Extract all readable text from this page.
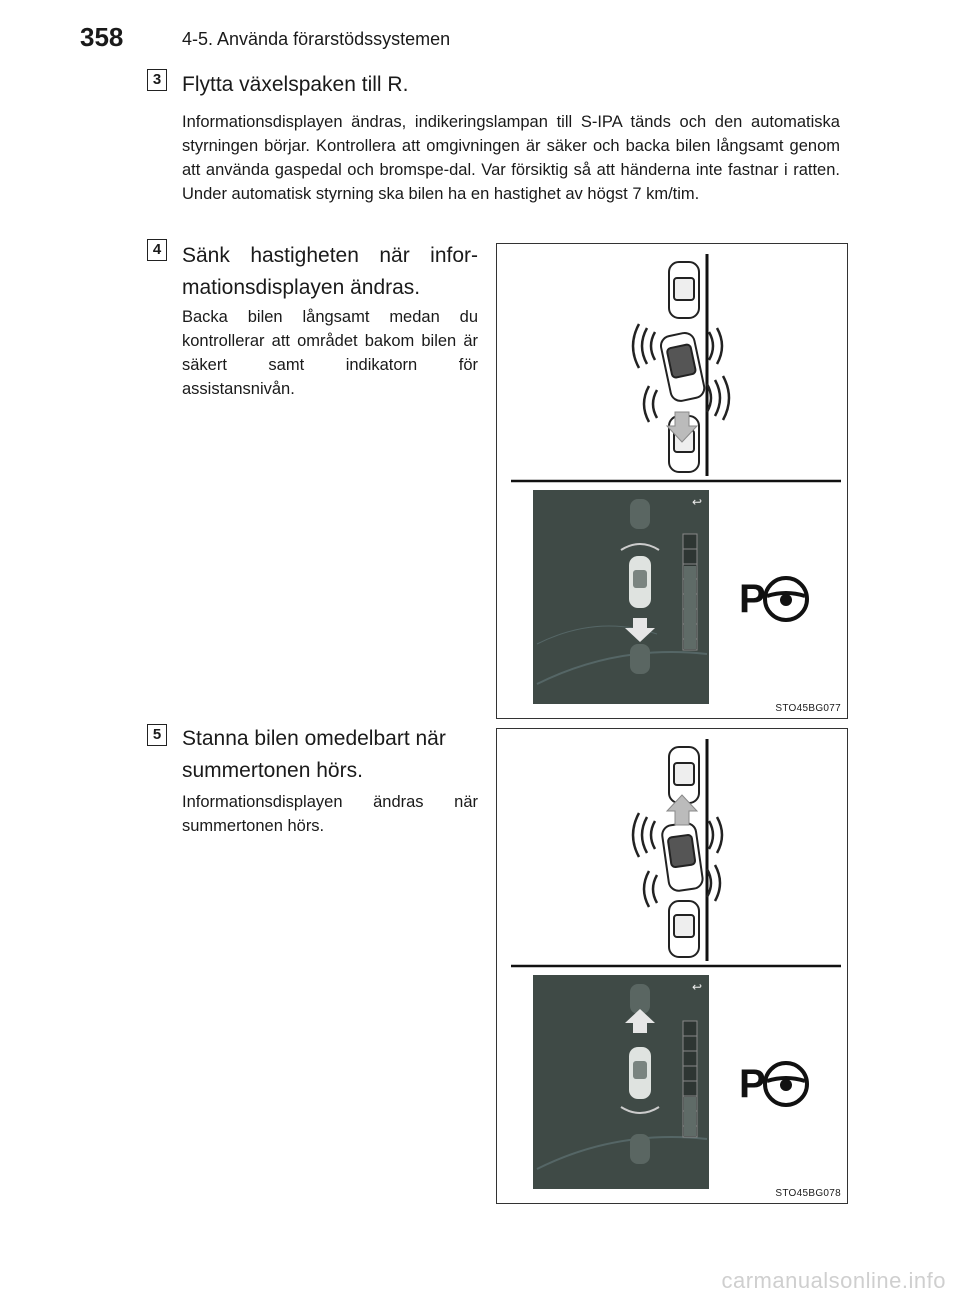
358	4-5. Använda förarstödssystemen
3 Flytta växelspaken till R.
Informationsdisplayen ändras, indikeringslampan till S-IPA tänds och den automatiska styrningen börjar. Kontrollera att omgivningen är säker och backa bilen långsamt genom att använda gaspedal och bromspe-dal. Var försiktig så att händerna inte fastnar i ratten. Under automatisk styrning ska bilen ha en hastighet av högst 7 km/tim.
4 Sänk hastigheten när infor-mationsdisplayen ändras.
Backa bilen långsamt medan du kontrollerar att området bakom bilen är säkert samt indikatorn för assistansnivån.
5 Stanna bilen omedelbart när summertonen hörs.
Informationsdisplayen ändras när summertonen hörs.
↩
P
STO45BG077
↩
P
STO45BG078
carmanualsonline.info
